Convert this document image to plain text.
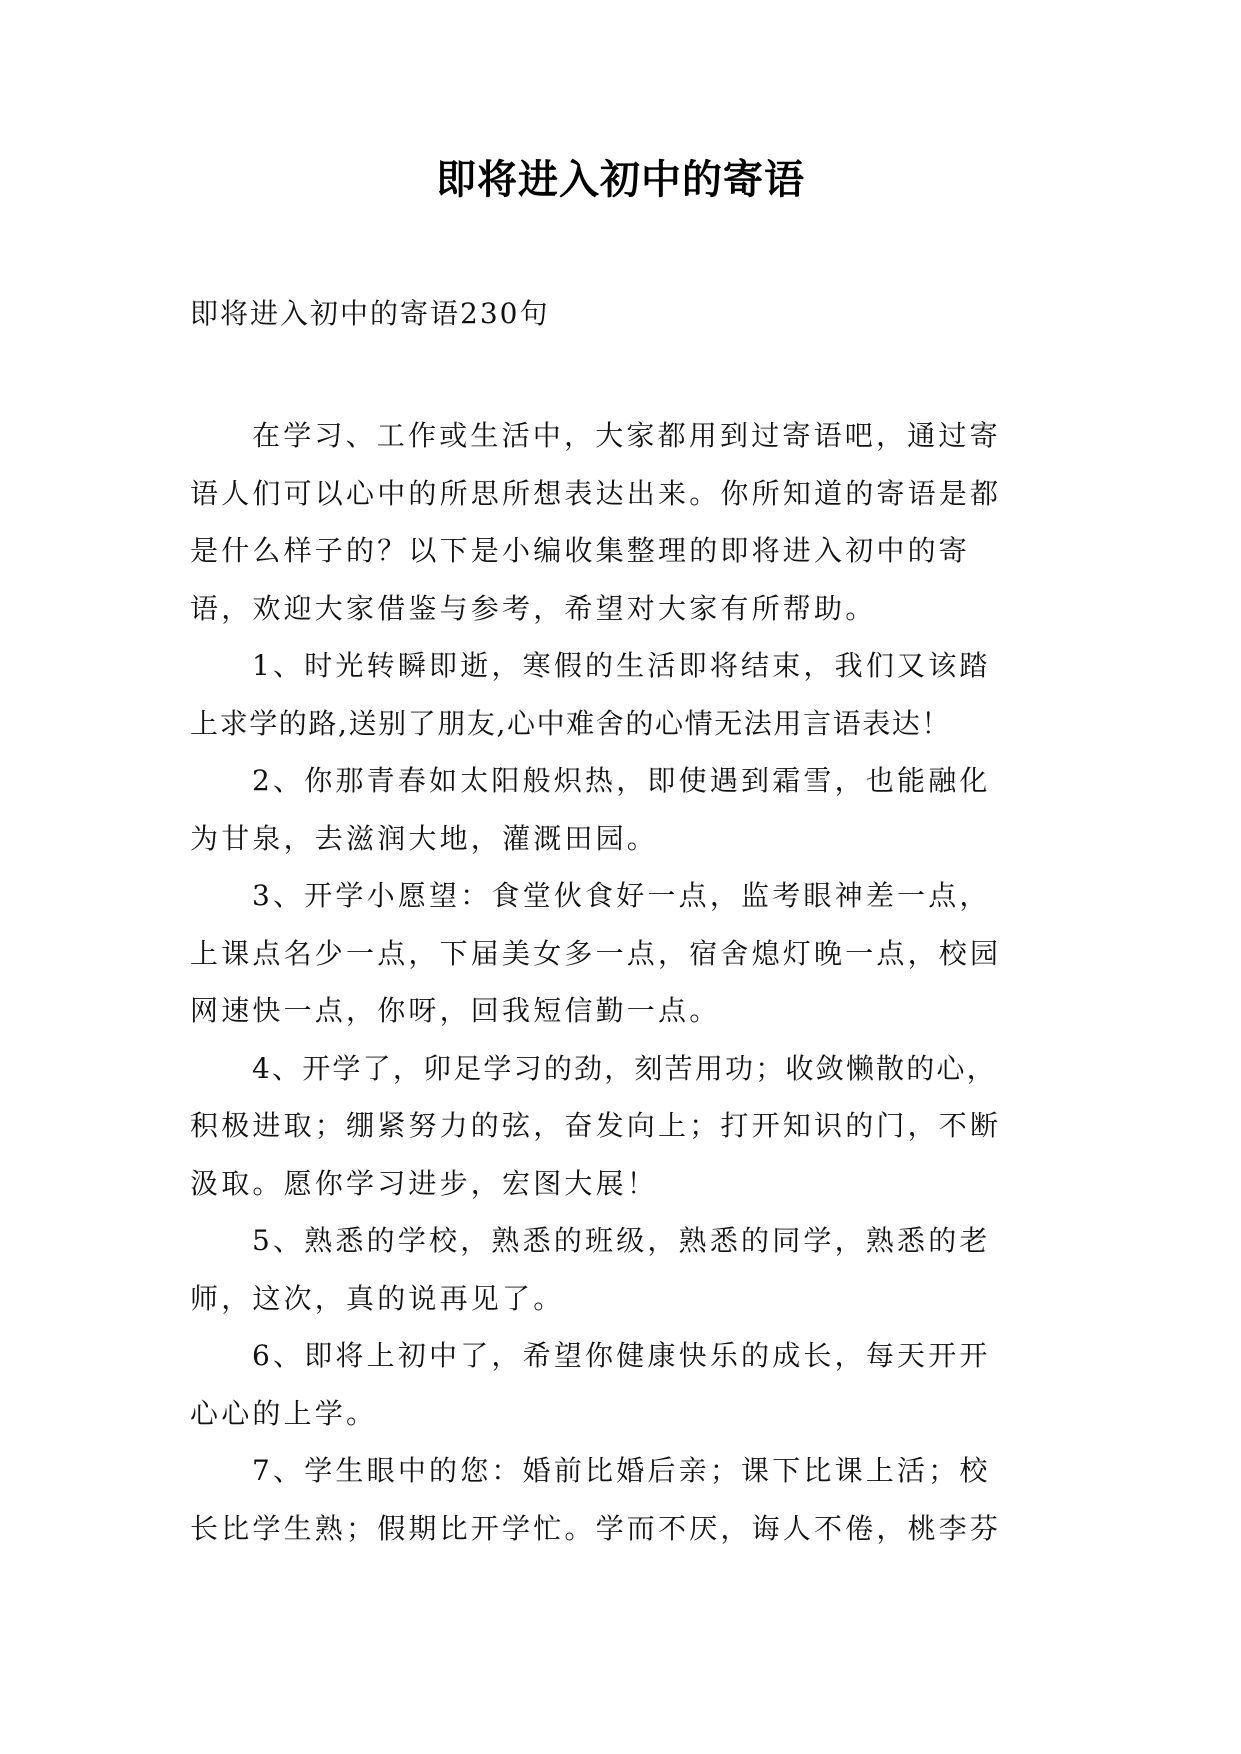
即将进入初中的寄语
即将进入初中的寄语230句
在学习、工作或生活中，大家都用到过寄语吧，通过寄
语人们可以心中的所思所想表达出来。你所知道的寄语是都
是什么样子的？以下是小编收集整理的即将进入初中的寄
语，欢迎大家借鉴与参考，希望对大家有所帮助。
1、时光转瞬即逝，寒假的生活即将结束，我们又该踏
上求学的路,送别了朋友,心中难舍的心情无法用言语表达！
2、你那青春如太阳般炽热，即使遇到霜雪，也能融化
为甘泉，去滋润大地，灌溉田园。
3、开学小愿望：食堂伙食好一点，监考眼神差一点，
上课点名少一点，下届美女多一点，宿舍熄灯晚一点，校园
网速快一点，你呀，回我短信勤一点。
4、开学了，卯足学习的劲，刻苦用功；收敛懒散的心，
积极进取；绷紧努力的弦，奋发向上；打开知识的门，不断
汲取。愿你学习进步，宏图大展！
5、熟悉的学校，熟悉的班级，熟悉的同学，熟悉的老
师，这次，真的说再见了。
6、即将上初中了，希望你健康快乐的成长，每天开开
心心的上学。
7、学生眼中的您：婚前比婚后亲；课下比课上活；校
长比学生熟；假期比开学忙。学而不厌，诲人不倦，桃李芬
